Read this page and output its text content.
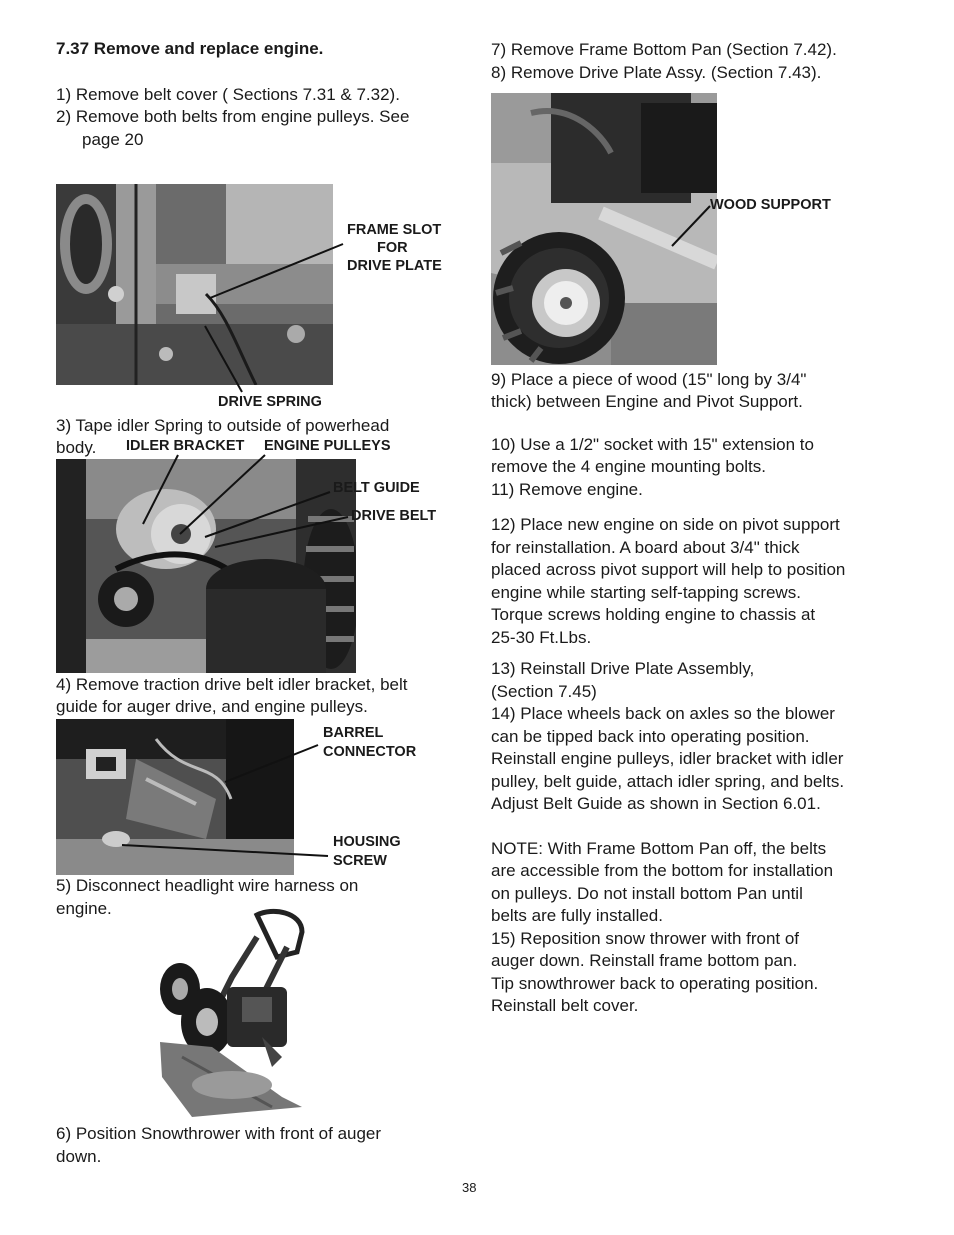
7.37 Remove and replace engine.
1) Remove belt cover ( Sections 7.31 & 7.32).
2) Remove both belts from engine pulleys. See
page 20
FRAME SLOT
FOR
DRIVE PLATE
DRIVE SPRING
3) Tape idler Spring to outside of powerhead
body. IDLER BRACKET ENGINE PULLEYS
BELT GUIDE
DRIVE BELT
4) Remove traction drive belt idler bracket, belt
guide for auger drive, and engine pulleys.
BARREL
CONNECTOR
HOUSING
SCREW
5) Disconnect headlight wire harness on
engine.
6) Position Snowthrower with front of auger
down.
7) Remove Frame Bottom Pan (Section 7.42).
8) Remove Drive Plate Assy. (Section 7.43).
WOOD SUPPORT
9) Place a piece of wood (15" long by 3/4"
thick) between Engine and Pivot Support.
10) Use a 1/2" socket with 15" extension to
remove the 4 engine mounting bolts.
11) Remove engine.
12) Place new engine on side on pivot support
for reinstallation. A board about 3/4" thick
placed across pivot support will help to position
engine while starting self-tapping screws.
Torque screws holding engine to chassis at
25-30 Ft.Lbs.
13) Reinstall Drive Plate Assembly,
(Section 7.45)
14) Place wheels back on axles so the blower
can be tipped back into operating position.
Reinstall engine pulleys, idler bracket with idler
pulley, belt guide, attach idler spring, and belts.
Adjust Belt Guide as shown in Section 6.01.
NOTE: With Frame Bottom Pan off, the belts
are accessible from the bottom for installation
on pulleys. Do not install bottom Pan until
belts are fully installed.
15) Reposition snow thrower with front of
auger down. Reinstall frame bottom pan.
Tip snowthrower back to operating position.
Reinstall belt cover.
38
